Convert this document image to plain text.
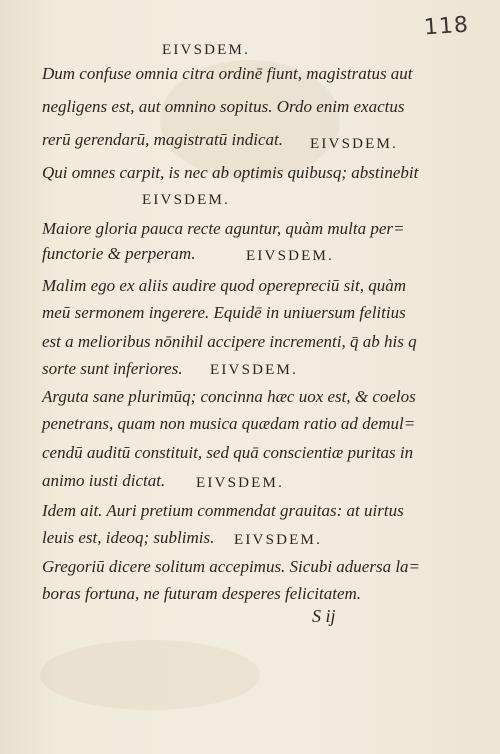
118
EIVSDEM.
Dum confuse omnia citra ordinē fiunt, magistratus aut
negligens est, aut omnino sopitus. Ordo enim exactus
rerū gerendarū, magistratū indicat. EIVSDEM.
Qui omnes carpit, is nec ab optimis quibusq; abstinebit
EIVSDEM.
Maiore gloria pauca recte aguntur, quàm multa per=
functorie & perperam.	EIVSDEM.
Malim ego ex aliis audire quod operepreciū sit, quàm
meū sermonem ingerere. Equidē in uniuersum felitius
est a melioribus nōnihil accipere incrementi, q̄ ab his q
sorte sunt inferiores. EIVSDEM.
Arguta sane plurimūq; concinna hæc uox est, & coelos
penetrans, quam non musica quædam ratio ad demul=
cendū auditū constituit, sed quā conscientiæ puritas in
animo iusti dictat. EIVSDEM.
Idem ait. Auri pretium commendat grauitas: at uirtus
leuis est, ideoq; sublimis. EIVSDEM.
Gregoriū dicere solitum accepimus. Sicubi aduersa la=
boras fortuna, ne futuram desperes felicitatem.
S ij
